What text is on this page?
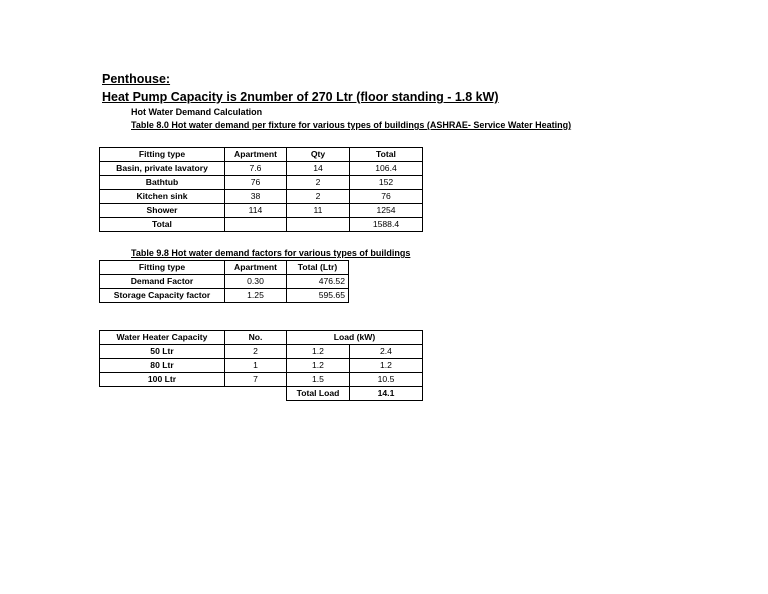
Penthouse:
Heat Pump Capacity is 2number of 270 Ltr (floor standing - 1.8 kW)
Hot Water Demand Calculation
Table 8.0 Hot water demand per fixture for various types of buildings (ASHRAE- Service Water Heating)
Fitting type	Apartment	Qty	Total
Basin, private lavatory	7.6	14	106.4
Bathtub	76	2	152
Kitchen sink	38	2	76
Shower	114	11	1254
Total			1588.4
Table 9.8 Hot water demand factors for various types of buildings
Fitting type	Apartment	Total (Ltr)
Demand Factor	0.30	476.52
Storage Capacity factor	1.25	595.65
Water Heater Capacity	No.	Load (kW)	
50 Ltr	2	1.2	2.4
80 Ltr	1	1.2	1.2
100 Ltr	7	1.5	10.5
		Total Load	14.1
